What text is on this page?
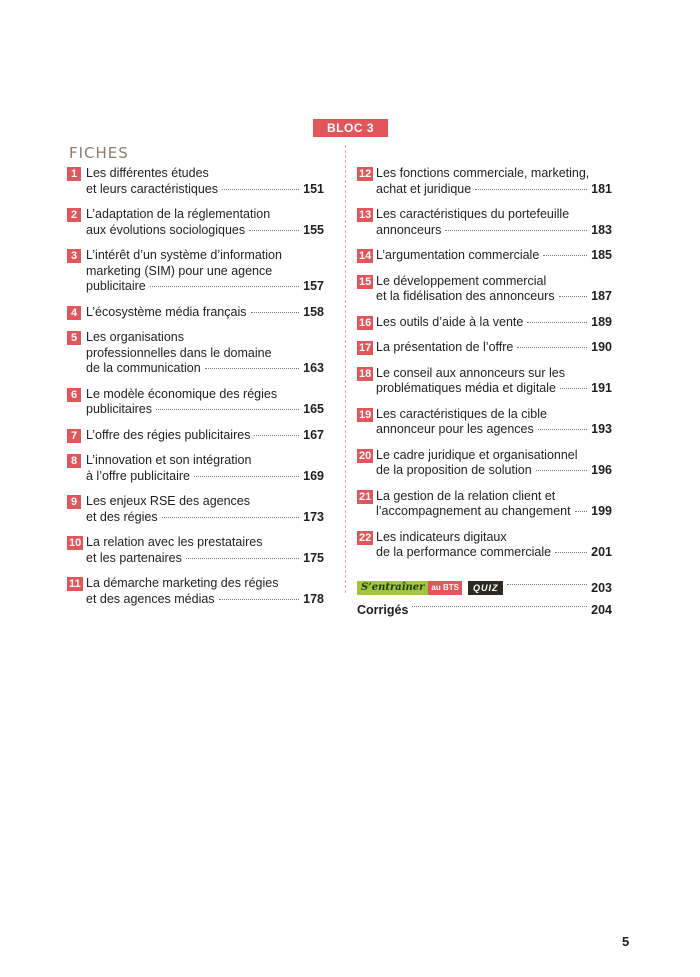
BLOC 3
FICHES
1 Les différentes études
et leurs caractéristiques	151
2 L’adaptation de la réglementation
aux évolutions sociologiques	155
3 L’intérêt d’un système d’information
marketing (SIM) pour une agence
publicitaire	157
4 L’écosystème média français	158
5 Les organisations
professionnelles dans le domaine
de la communication	163
6 Le modèle économique des régies
publicitaires	165
7 L’offre des régies publicitaires	167
8 L’innovation et son intégration
à l’offre publicitaire	169
9 Les enjeux RSE des agences
et des régies	173
10 La relation avec les prestataires
et les partenaires	175
11 La démarche marketing des régies
et des agences médias	178
12 Les fonctions commerciale, marketing,
achat et juridique	181
13 Les caractéristiques du portefeuille
annonceurs	183
14 L’argumentation commerciale	185
15 Le développement commercial
et la fidélisation des annonceurs	187
16 Les outils d’aide à la vente	189
17 La présentation de l’offre	190
18 Le conseil aux annonceurs sur les
problématiques média et digitale	191
19 Les caractéristiques de la cible
annonceur pour les agences	193
20 Le cadre juridique et organisationnel
de la proposition de solution	196
21 La gestion de la relation client et
l’accompagnement au changement 199
22 Les indicateurs digitaux
de la performance commerciale	201
S’entraîner au BTS	QUIZ	203
Corrigés	204
5
